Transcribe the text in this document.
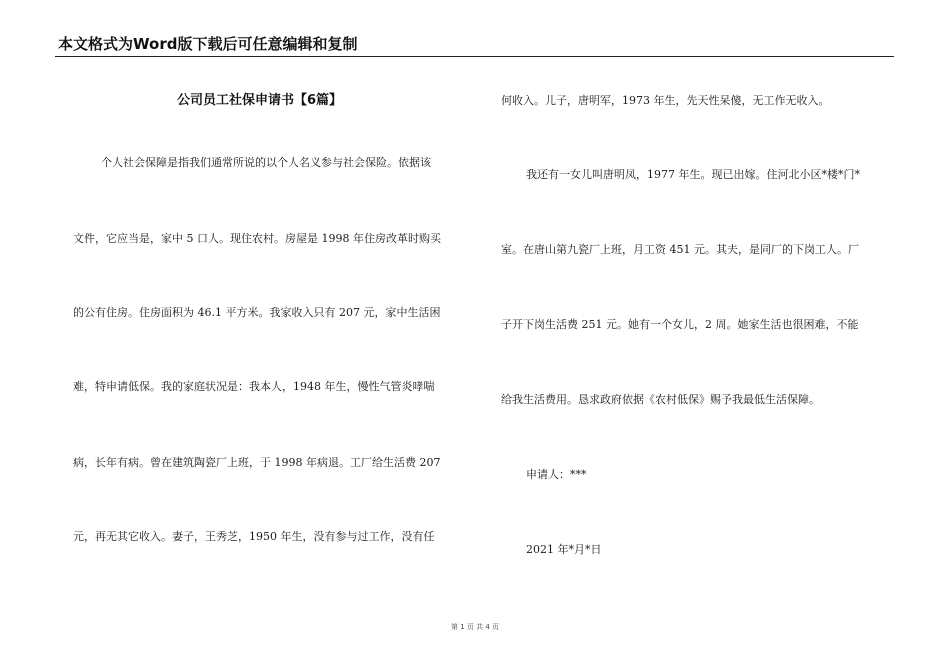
本文格式为Word版下载后可任意编辑和复制
公司员工社保申请书【6篇】
个人社会保障是指我们通常所说的以个人名义参与社会保险。依据该
文件，它应当是，家中 5 口人。现住农村。房屋是 1998 年住房改革时购买
的公有住房。住房面积为 46.1 平方米。我家收入只有 207 元，家中生活困
难，特申请低保。我的家庭状况是：我本人，1948 年生，慢性气管炎哮喘
病，长年有病。曾在建筑陶瓷厂上班，于 1998 年病退。工厂给生活费 207
元，再无其它收入。妻子，王秀芝，1950 年生，没有参与过工作，没有任
何收入。儿子，唐明军，1973 年生，先天性呆傻，无工作无收入。
我还有一女儿叫唐明凤，1977 年生。现已出嫁。住河北小区*楼*门*
室。在唐山第九瓷厂上班，月工资 451 元。其夫，是同厂的下岗工人。厂
子开下岗生活费 251 元。她有一个女儿，2 周。她家生活也很困难，不能
给我生活费用。恳求政府依据《农村低保》赐予我最低生活保障。
申请人：***
2021 年*月*日
第 1 页 共 4 页
